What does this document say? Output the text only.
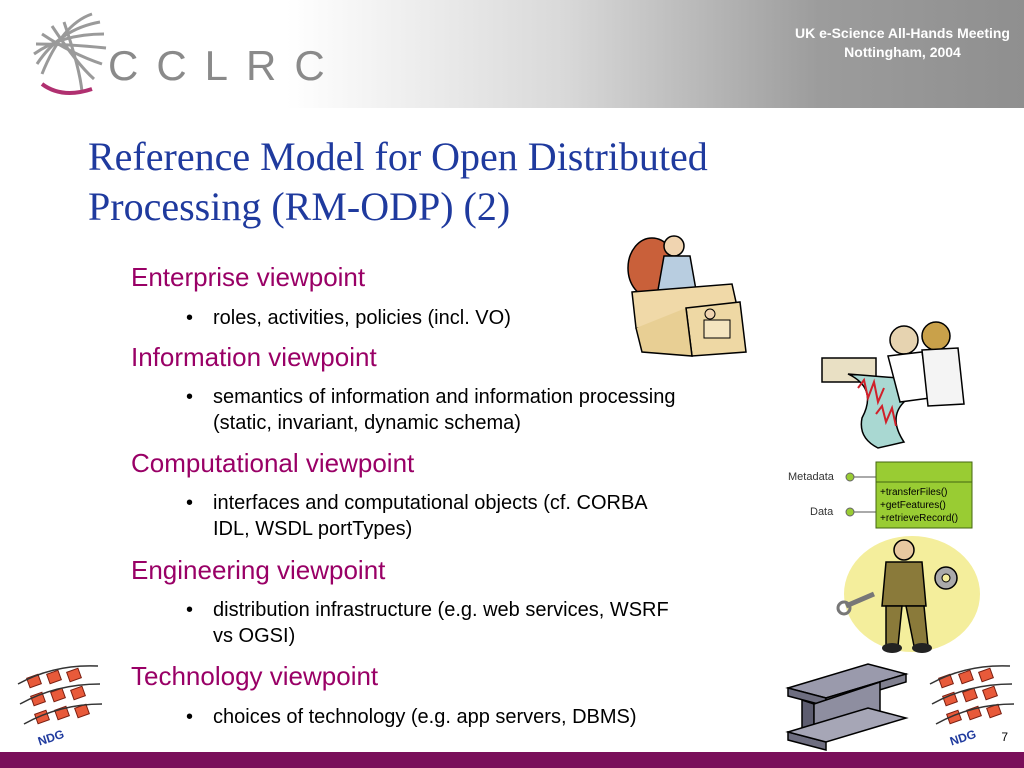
CCLRC
UK e-Science All-Hands Meeting
Nottingham, 2004
Reference Model for Open Distributed
Processing (RM-ODP) (2)

Enterprise viewpoint

• roles, activities, policies (incl. VO)

Information viewpoint

• semantics of information and information processing
(static, invariant, dynamic schema)

Computational viewpoint

• interfaces and computational objects (cf. CORBA
IDL, WSDL portTypes)

Engineering viewpoint

• distribution infrastructure (e.g. web services, WSRF
vs OGSI)

Technology viewpoint

• choices of technology (e.g. app servers, DBMS)

Metadata
Data
+transferFiles()
+getFeatures()
+retrieveRecord()
NDG	NDG 7
